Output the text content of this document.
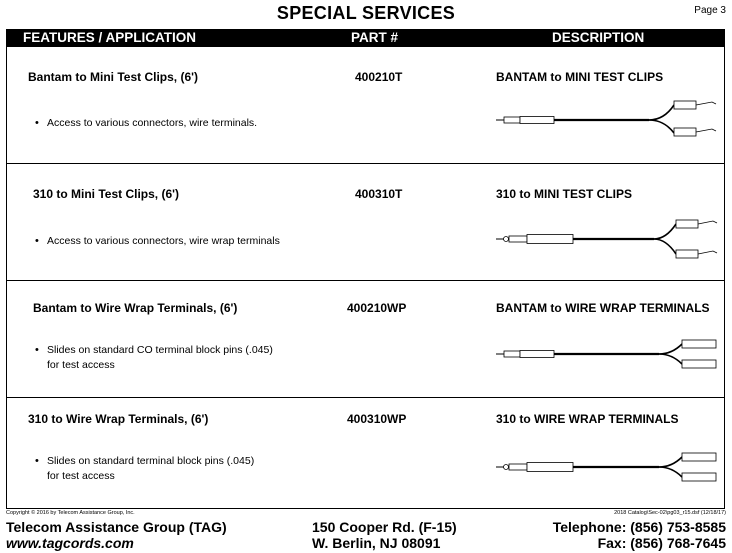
SPECIAL SERVICES	Page 3
FEATURES / APPLICATION	PART #	DESCRIPTION
Bantam to Mini Test Clips, (6')	400210T	BANTAM to MINI TEST CLIPS
• Access to various connectors, wire terminals.
310 to Mini Test Clips, (6')	400310T	310 to MINI TEST CLIPS
• Access to various connectors, wire wrap terminals
Bantam to Wire Wrap Terminals, (6')	400210WP	BANTAM to WIRE WRAP TERMINALS
• Slides on standard CO terminal block pins (.045)
for test access
310 to Wire Wrap Terminals, (6')	400310WP	310 to WIRE WRAP TERMINALS
• Slides on standard terminal block pins (.045)
for test access
Copyright © 2016 by Telecom Assistance Group, Inc.	2018 Catalog\Sec-02\pg03_r15.dsf (12/18/17)
Telecom Assistance Group (TAG)
www.tagcords.com
150 Cooper Rd. (F-15)
W. Berlin, NJ 08091
Telephone: (856) 753-8585
Fax: (856) 768-7645
